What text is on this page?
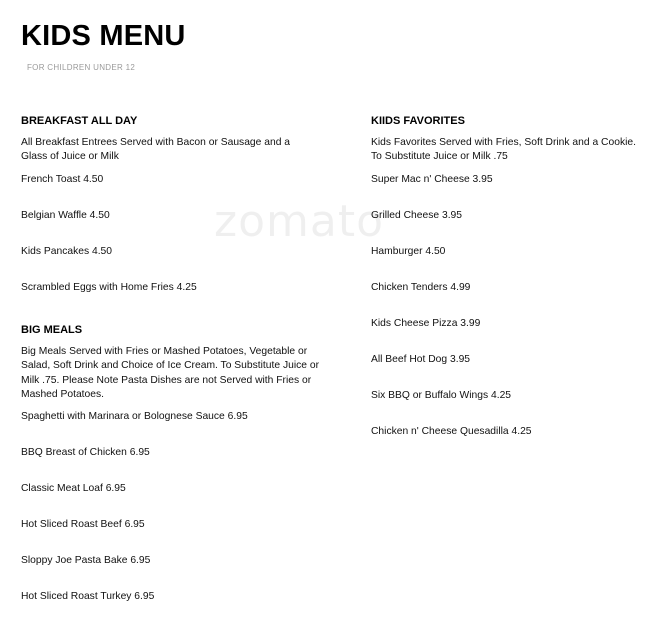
KIDS MENU
FOR CHILDREN UNDER 12
zomato
BREAKFAST ALL DAY
All Breakfast Entrees Served with Bacon or Sausage and a Glass of Juice or Milk
French Toast 4.50
Belgian Waffle 4.50
Kids Pancakes 4.50
Scrambled Eggs with Home Fries 4.25
BIG MEALS
Big Meals Served with Fries or Mashed Potatoes, Vegetable or Salad, Soft Drink and Choice of Ice Cream. To Substitute Juice or Milk .75. Please Note Pasta Dishes are not Served with Fries or Mashed Potatoes.
Spaghetti with Marinara or Bolognese Sauce 6.95
BBQ Breast of Chicken 6.95
Classic Meat Loaf 6.95
Hot Sliced Roast Beef 6.95
Sloppy Joe Pasta Bake 6.95
Hot Sliced Roast Turkey 6.95
KIIDS FAVORITES
Kids Favorites Served with Fries, Soft Drink and a Cookie. To Substitute Juice or Milk .75
Super Mac n' Cheese 3.95
Grilled Cheese 3.95
Hamburger 4.50
Chicken Tenders 4.99
Kids Cheese Pizza 3.99
All Beef Hot Dog 3.95
Six BBQ or Buffalo Wings 4.25
Chicken n' Cheese Quesadilla 4.25
